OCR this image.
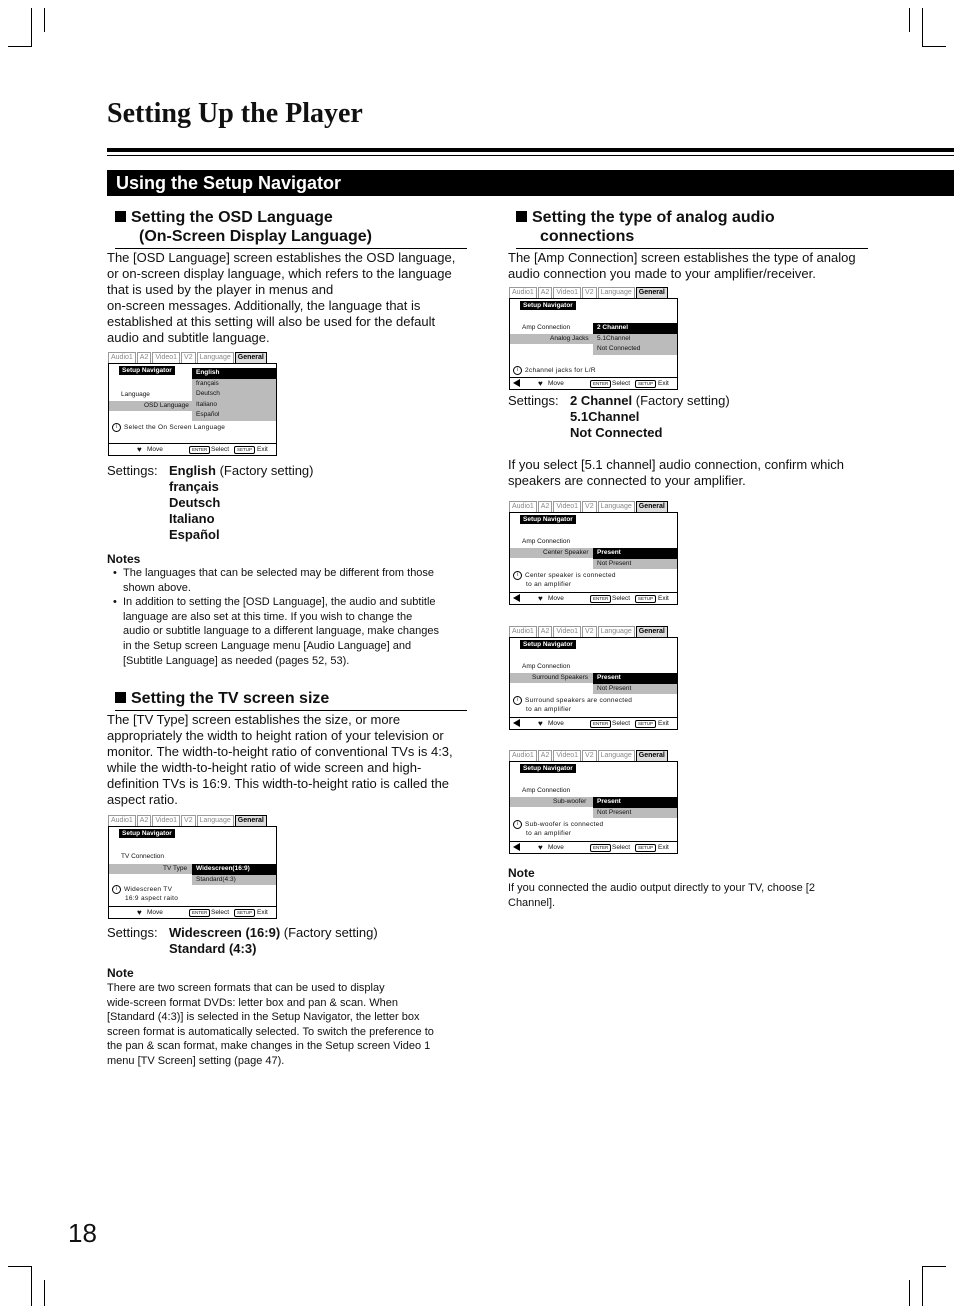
Setting Up the Player
Using the Setup Navigator
Setting the OSD Language
(On-Screen Display Language)
The [OSD Language] screen establishes the OSD language,
or on-screen display language, which refers to the language
that is used by the player in menus and
on-screen messages. Additionally, the language that is
established at this setting will also be used for the default
audio and subtitle language.
Audio1	A2	Video1	V2	Language	General
Setup Navigator
Language
OSD Language
English
français
Deutsch
Italiano
Español
i Select the On Screen Language
♥ Move	ENTER Select	SETUP Exit
Settings: English (Factory setting)
français
Deutsch
Italiano
Español
Notes
• The languages that can be selected may be different from those
shown above.
• In addition to setting the [OSD Language], the audio and subtitle
language are also set at this time. If you wish to change the
audio or subtitle language to a different language, make changes
in the Setup screen Language menu [Audio Language] and
[Subtitle Language] as needed (pages 52, 53).
Setting the TV screen size
The [TV Type] screen establishes the size, or more
appropriately the width to height ration of your television or
monitor. The width-to-height ratio of conventional TVs is 4:3,
while the width-to-height ratio of wide screen and high-
definition TVs is 16:9. This width-to-height ratio is called the
aspect ratio.
Audio1	A2	Video1	V2	Language	General
Setup Navigator
TV Connection
TV Type	Widescreen(16:9)
Standard(4:3)
i Widescreen TV
16:9 aspect raito
♥ Move	ENTER Select	SETUP Exit
Settings: Widescreen (16:9) (Factory setting)
Standard (4:3)
Note
There are two screen formats that can be used to display
wide-screen format DVDs: letter box and pan & scan. When
[Standard (4:3)] is selected in the Setup Navigator, the letter box
screen format is automatically selected. To switch the preference to
the pan & scan format, make changes in the Setup screen Video 1
menu [TV Screen] setting (page 47).
Setting the type of analog audio
connections
The [Amp Connection] screen establishes the type of analog
audio connection you made to your amplifier/receiver.
Audio1	A2	Video1	V2	Language	General
Setup Navigator
Amp Connection
Analog Jacks
2 Channel
5.1Channel
Not Connected
i 2channel jacks for L/R
♥ Move	ENTER Select	SETUP Exit
Settings: 2 Channel (Factory setting)
5.1Channel
Not Connected
If you select [5.1 channel] audio connection, confirm which
speakers are connected to your amplifier.
Audio1	A2	Video1	V2	Language	General
Setup Navigator
Amp Connection
Center Speaker	Present
Not Present
i Center speaker is connected
to an amplifier
♥ Move	ENTER Select	SETUP Exit
Audio1	A2	Video1	V2	Language	General
Setup Navigator
Amp Connection
Surround Speakers	Present
Not Present
i Surround speakers are connected
to an amplifier
♥ Move	ENTER Select	SETUP Exit
Audio1	A2	Video1	V2	Language	General
Setup Navigator
Amp Connection
Sub-woofer	Present
Not Present
i Sub-woofer is connected
to an amplifier
♥ Move	ENTER Select	SETUP Exit
Note
If you connected the audio output directly to your TV, choose [2
Channel].
18
